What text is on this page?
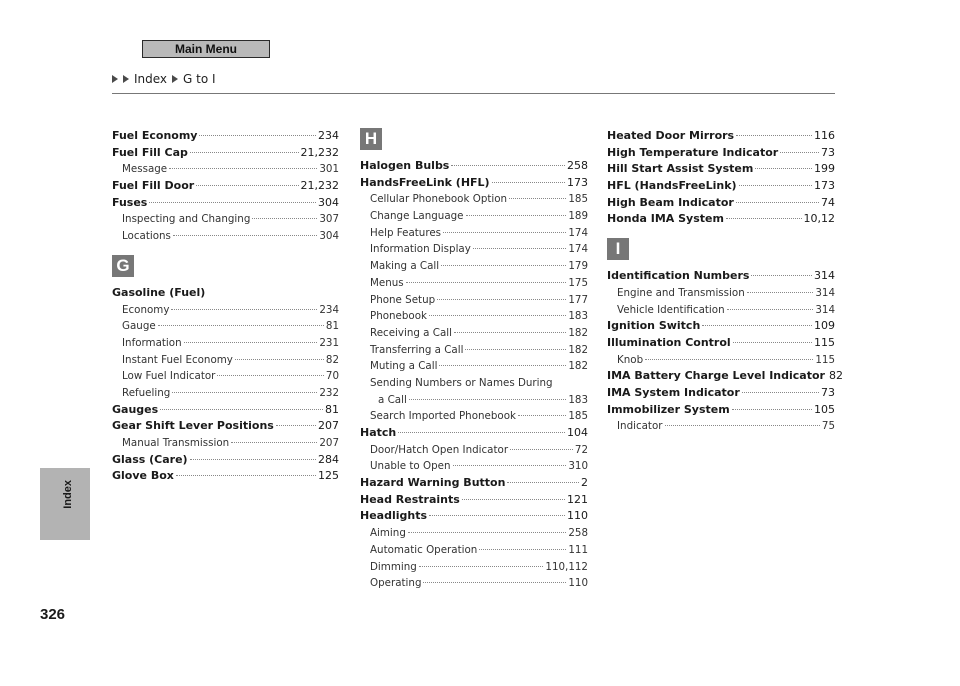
Main Menu
Index G to I
Fuel Economy	234
Fuel Fill Cap	21,232
Message	301
Fuel Fill Door	21,232
Fuses	304
Inspecting and Changing	307
Locations	304
G
Gasoline (Fuel)
Economy	234
Gauge	81
Information	231
Instant Fuel Economy	82
Low Fuel Indicator	70
Refueling	232
Gauges	81
Gear Shift Lever Positions	207
Manual Transmission	207
Glass (Care)	284
Glove Box	125
H
Halogen Bulbs	258
HandsFreeLink (HFL)	173
Cellular Phonebook Option	185
Change Language	189
Help Features	174
Information Display	174
Making a Call	179
Menus	175
Phone Setup	177
Phonebook	183
Receiving a Call	182
Transferring a Call	182
Muting a Call	182
Sending Numbers or Names During
a Call	183
Search Imported Phonebook	185
Hatch	104
Door/Hatch Open Indicator	72
Unable to Open	310
Hazard Warning Button	2
Head Restraints	121
Headlights	110
Aiming	258
Automatic Operation	111
Dimming	110,112
Operating	110
Heated Door Mirrors	116
High Temperature Indicator	73
Hill Start Assist System	199
HFL (HandsFreeLink)	173
High Beam Indicator	74
Honda IMA System	10,12
I
Identification Numbers	314
Engine and Transmission	314
Vehicle Identification	314
Ignition Switch	109
Illumination Control	115
Knob	115
IMA Battery Charge Level Indicator 82
IMA System Indicator	73
Immobilizer System	105
Indicator	75
Index
326
